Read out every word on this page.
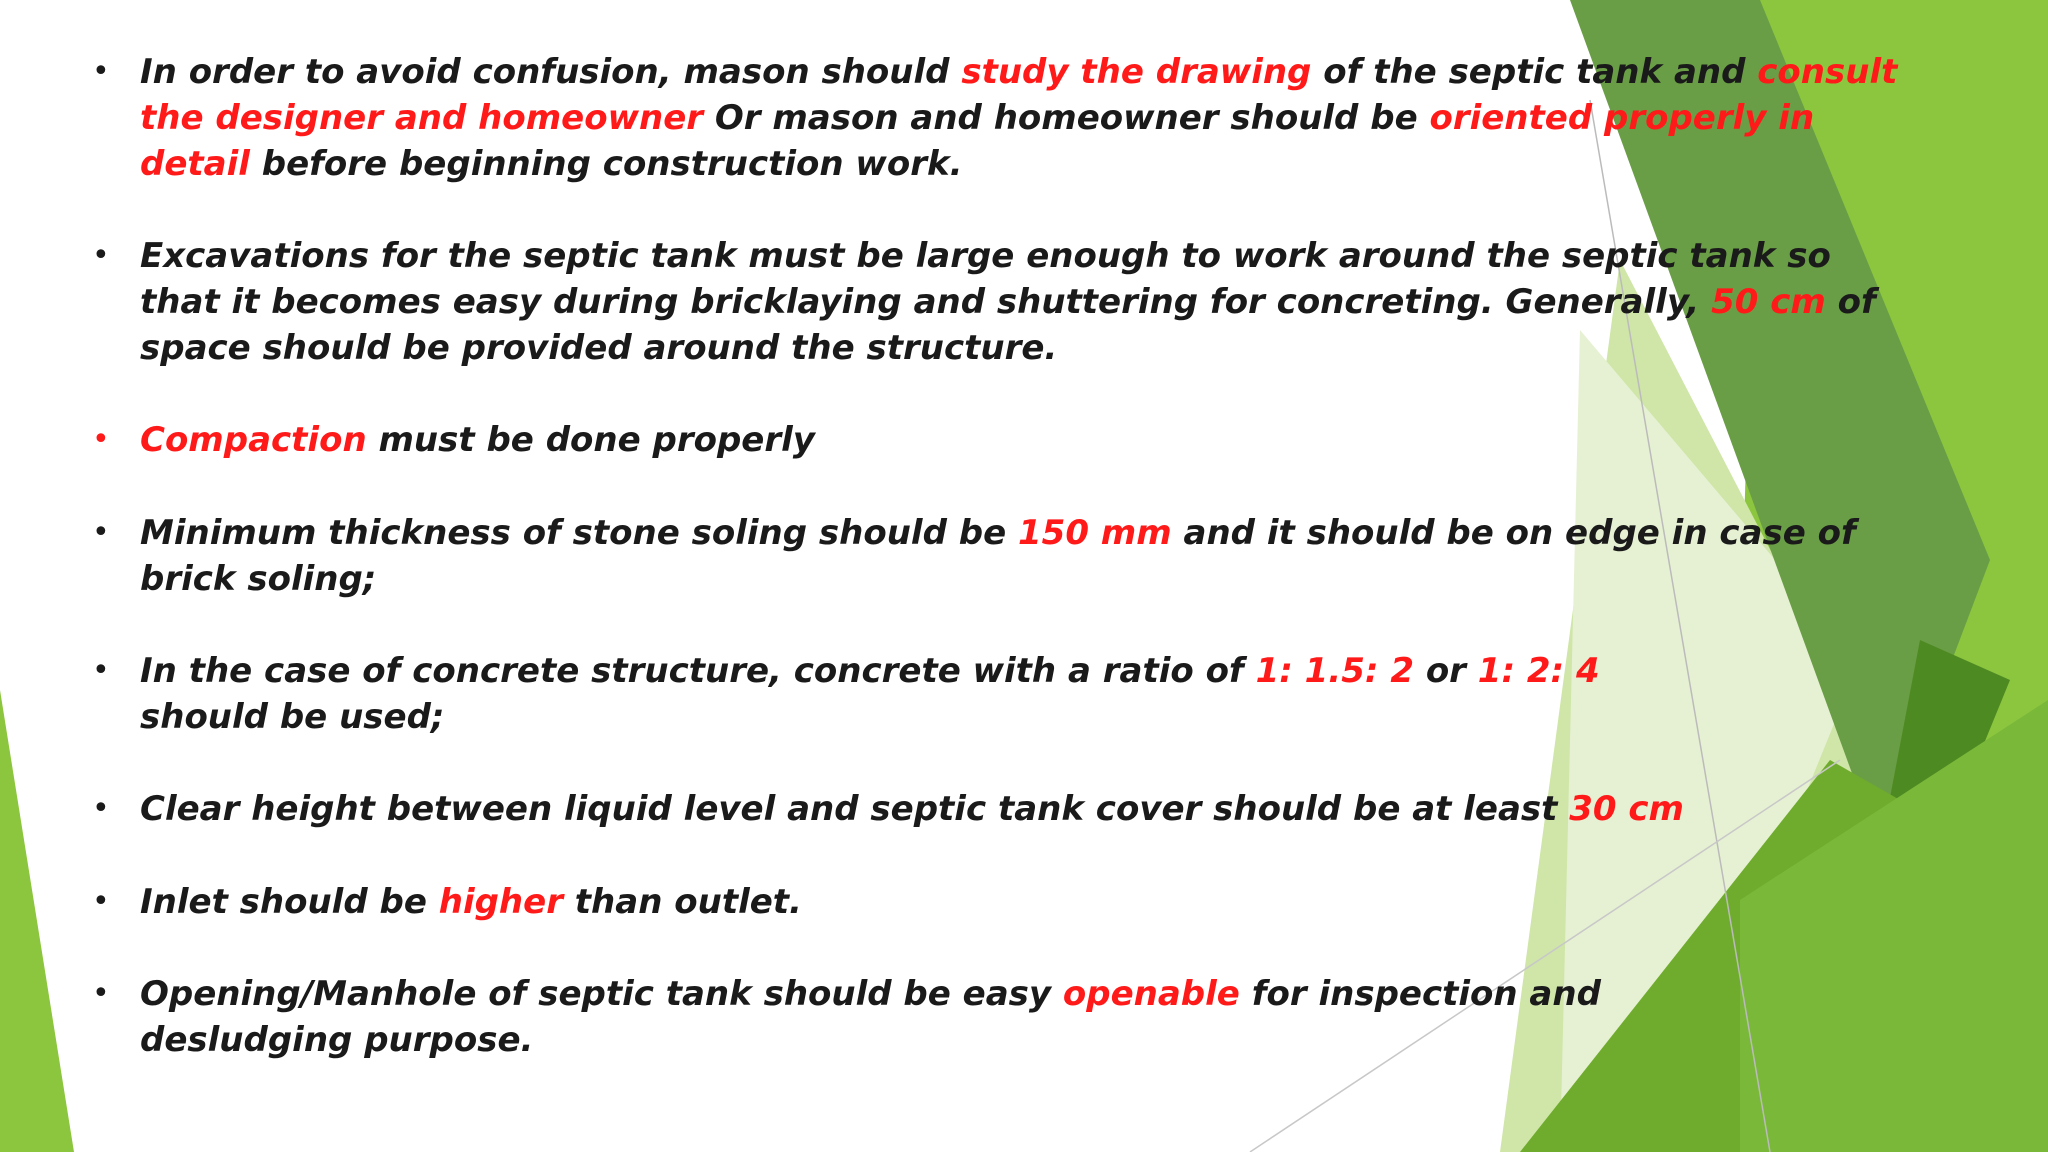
• In order to avoid confusion, mason should study the drawing of the septic tank and consult the designer and homeowner Or mason and homeowner should be oriented properly in detail before beginning construction work.
• Excavations for the septic tank must be large enough to work around the septic tank so that it becomes easy during bricklaying and shuttering for concreting. Generally, 50 cm of space should be provided around the structure.
• Compaction must be done properly
• Minimum thickness of stone soling should be 150 mm and it should be on edge in case of brick soling;
• In the case of concrete structure, concrete with a ratio of 1: 1.5: 2 or 1: 2: 4 should be used;
• Clear height between liquid level and septic tank cover should be at least 30 cm
• Inlet should be higher than outlet.
• Opening/Manhole of septic tank should be easy openable for inspection and desludging purpose.
